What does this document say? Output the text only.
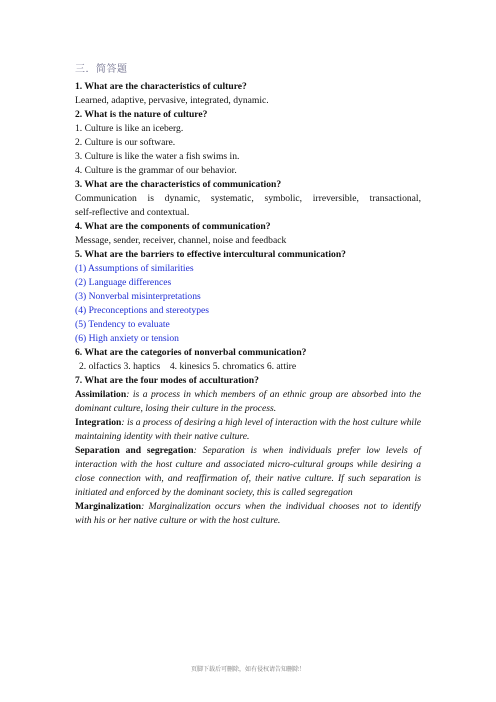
三．简答题
1. What are the characteristics of culture?
Learned, adaptive, pervasive, integrated, dynamic.
2. What is the nature of culture?
1. Culture is like an iceberg.
2. Culture is our software.
3. Culture is like the water a fish swims in.
4. Culture is the grammar of our behavior.
3. What are the characteristics of communication?
Communication is dynamic, systematic, symbolic, irreversible, transactional,
self-reflective and contextual.
4. What are the components of communication?
Message, sender, receiver, channel, noise and feedback
5. What are the barriers to effective intercultural communication?
(1) Assumptions of similarities
(2) Language differences
(3) Nonverbal misinterpretations
(4) Preconceptions and stereotypes
(5) Tendency to evaluate
(6) High anxiety or tension
6. What are the categories of nonverbal communication?
2. olfactics 3. haptics    4. kinesics 5. chromatics 6. attire
7. What are the four modes of acculturation?
Assimilation: is a process in which members of an ethnic group are absorbed into the dominant culture, losing their culture in the process.
Integration: is a process of desiring a high level of interaction with the host culture while maintaining identity with their native culture.
Separation and segregation: Separation is when individuals prefer low levels of interaction with the host culture and associated micro-cultural groups while desiring a close connection with, and reaffirmation of, their native culture. If such separation is initiated and enforced by the dominant society, this is called segregation
Marginalization: Marginalization occurs when the individual chooses not to identify with his or her native culture or with the host culture.
页脚下载后可删除，如有侵权请告知删除！
